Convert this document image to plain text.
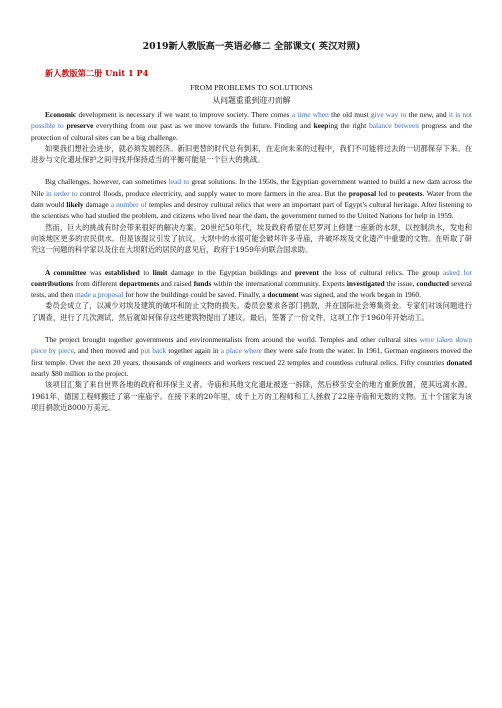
2019新人教版高一英语必修二 全部课文( 英汉对照)
新人教版第二册 Unit 1 P4
FROM PROBLEMS TO SOLUTIONS
从问题重重到迎刃而解

Economic development is necessary if we want to improve society. There comes a time when the old must give way to the new, and it is not possible to preserve everything from our past as we move towards the future. Finding and keeping the right balance between progress and the protection of cultural sites can be a big challenge.

如果我们想社会进步，就必须发展经济。新旧更替的时代总有到来，在走向未来的过程中，我们不可能将过去的一切都保存下来。在进步与文化遗址保护之间寻找并保持适当的平衡可能是一个巨大的挑战。

Big challenges, however, can sometimes lead to great solutions. In the 1950s, the Egyptian government wanted to build a new dam across the Nile in order to control floods, produce electricity, and supply water to more farmers in the area. But the proposal led to protests. Water from the dam would likely damage a number of temples and destroy cultural relics that were an important part of Egypt’s cultural heritage. After listening to the scientists who had studied the problem, and citizens who lived near the dam, the government turned to the United Nations for help in 1959.

然而，巨大的挑战有时会带来很好的解决方案。20世纪50年代，埃及政府希望在尼罗河上修建一座新的水坝，以控制洪水，发电和向该地区更多的农民供水。但是该提议引发了抗议。大坝中的水很可能会破坏许多寺庙，并破坏埃及文化遗产中重要的文物。在听取了研究这一问题的科学家以及住在大坝附近的居民的意见后，政府于1959年向联合国求助。

A committee was established to limit damage to the Egyptian buildings and prevent the loss of cultural relics. The group asked for contributions from different departments and raised funds within the international community. Experts investigated the issue, conducted several tests, and then made a proposal for how the buildings could be saved. Finally, a document was signed, and the work began in 1960.

委员会成立了，以减少对埃及建筑的破坏和防止文物的损失。委员会要求各部门捐款，并在国际社会筹集资金。专家们对该问题进行了调查，进行了几次测试，然后就如何保存这些建筑物提出了建议。最后，签署了一份文件，这项工作于1960年开始动工。

The project brought together governments and environmentalists from around the world. Temples and other cultural sites were taken down piece by piece, and then moved and put back together again in a place where they were safe from the water. In 1961, German engineers moved the first temple. Over the next 20 years, thousands of engineers and workers rescued 22 temples and countless cultural relics. Fifty countries donated nearly $80 million to the project.

该项目汇集了来自世界各地的政府和环保主义者。寺庙和其他文化遗址被逐一拆除，然后移至安全的地方重新放置，使其远离水源。1961年，德国工程师搬迁了第一座庙宇。在接下来的20年里，成千上万的工程师和工人拯救了22座寺庙和无数的文物。五十个国家为该项目捐款近8000万美元。
